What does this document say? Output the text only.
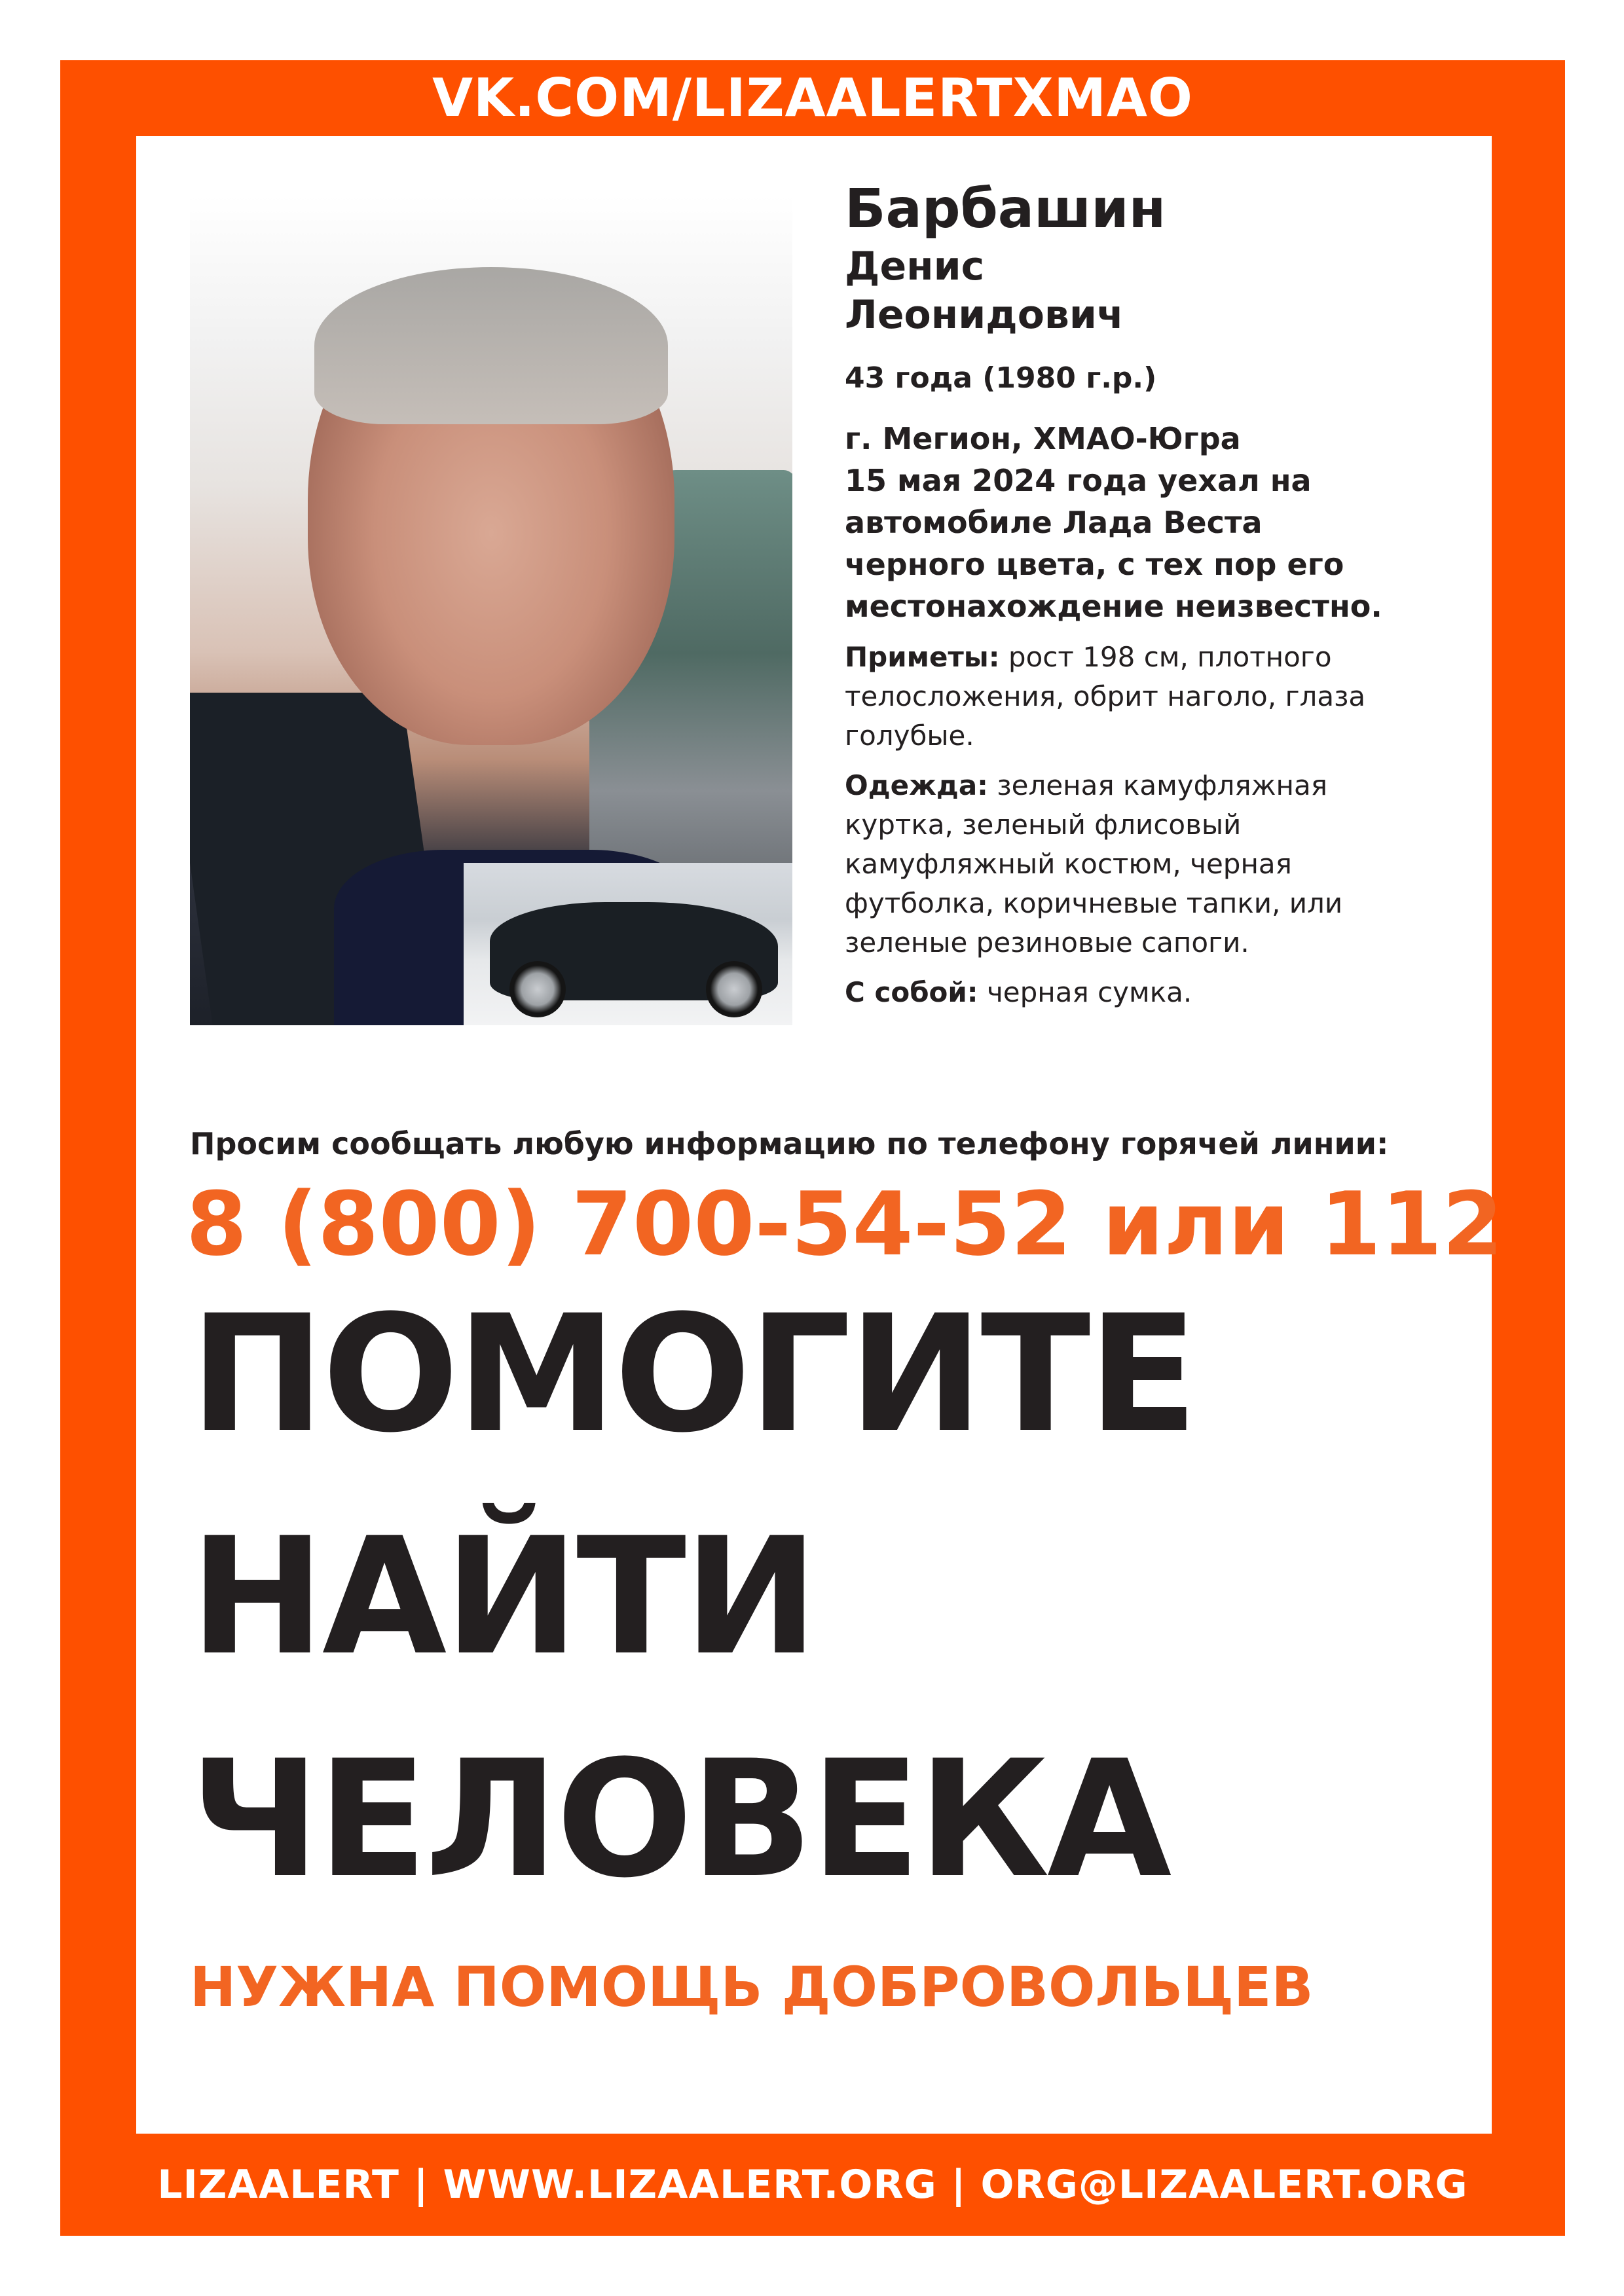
VK.COM/LIZAALERTXMAO
Барбашин
Денис
Леонидович
43 года (1980 г.р.)
г. Мегион, ХМАО-Югра
15 мая 2024 года уехал на
автомобиле Лада Веста
черного цвета, с тех пор его
местонахождение неизвестно.
Приметы: рост 198 см, плотного
телосложения, обрит наголо, глаза
голубые.
Одежда: зеленая камуфляжная
куртка, зеленый флисовый
камуфляжный костюм, черная
футболка, коричневые тапки, или
зеленые резиновые сапоги.
С собой: черная сумка.
Просим сообщать любую информацию по телефону горячей линии:
8 (800) 700-54-52 или 112
ПОМОГИТЕ
НАЙТИ
ЧЕЛОВЕКА
НУЖНА ПОМОЩЬ ДОБРОВОЛЬЦЕВ
LIZAALERT | WWW.LIZAALERT.ORG | ORG@LIZAALERT.ORG
